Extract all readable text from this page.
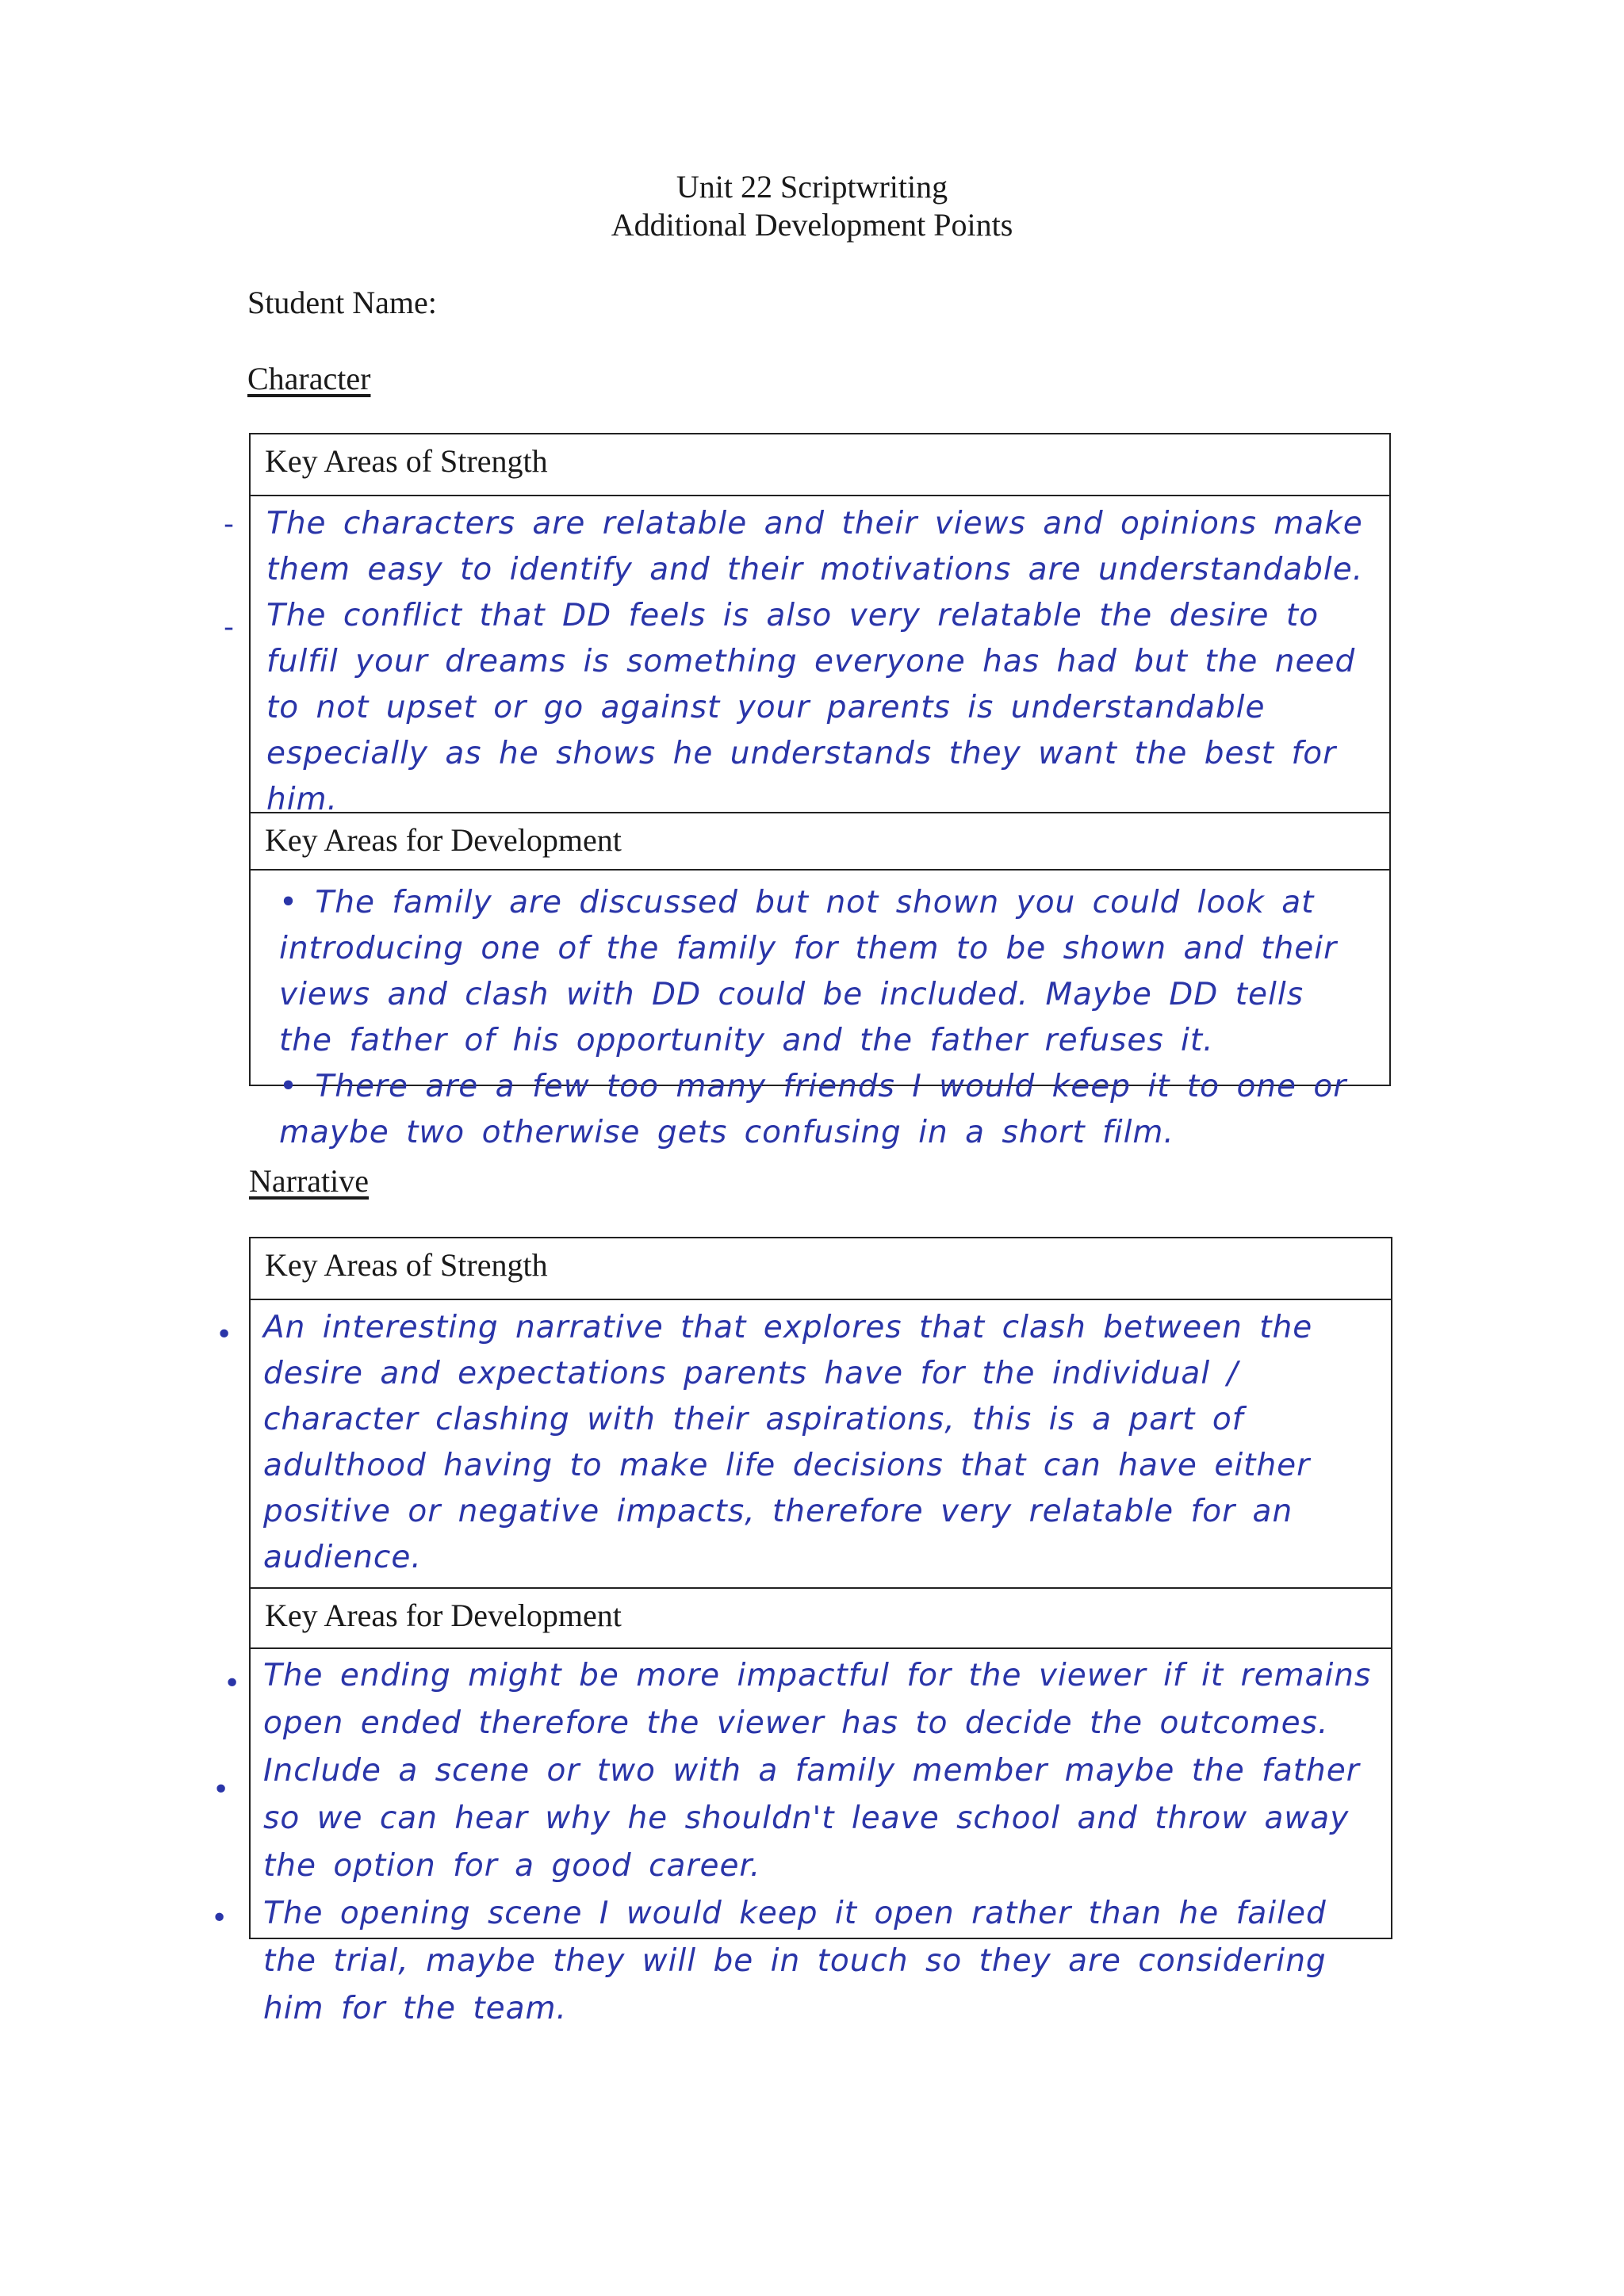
Unit 22 Scriptwriting
Additional Development Points
Student Name:
Character
-
-
Key Areas of Strength

The characters are relatable and their views and opinions make them easy to identify and their motivations are understandable. The conflict that DD feels is also very relatable the desire to fulfil your dreams is something everyone has had but the need to not upset or go against your parents is understandable especially as he shows he understands they want the best for him.

Key Areas for Development

• The family are discussed but not shown you could look at introducing one of the family for them to be shown and their views and clash with DD could be included. Maybe DD tells the father of his opportunity and the father refuses it.
• There are a few too many friends I would keep it to one or maybe two otherwise gets confusing in a short film.

Narrative
•
•
•
•
Key Areas of Strength

An interesting narrative that explores that clash between the desire and expectations parents have for the individual / character clashing with their aspirations, this is a part of adulthood having to make life decisions that can have either positive or negative impacts, therefore very relatable for an audience.

Key Areas for Development

The ending might be more impactful for the viewer if it remains open ended therefore the viewer has to decide the outcomes.
Include a scene or two with a family member maybe the father so we can hear why he shouldn't leave school and throw away the option for a good career.
The opening scene I would keep it open rather than he failed the trial, maybe they will be in touch so they are considering him for the team.
